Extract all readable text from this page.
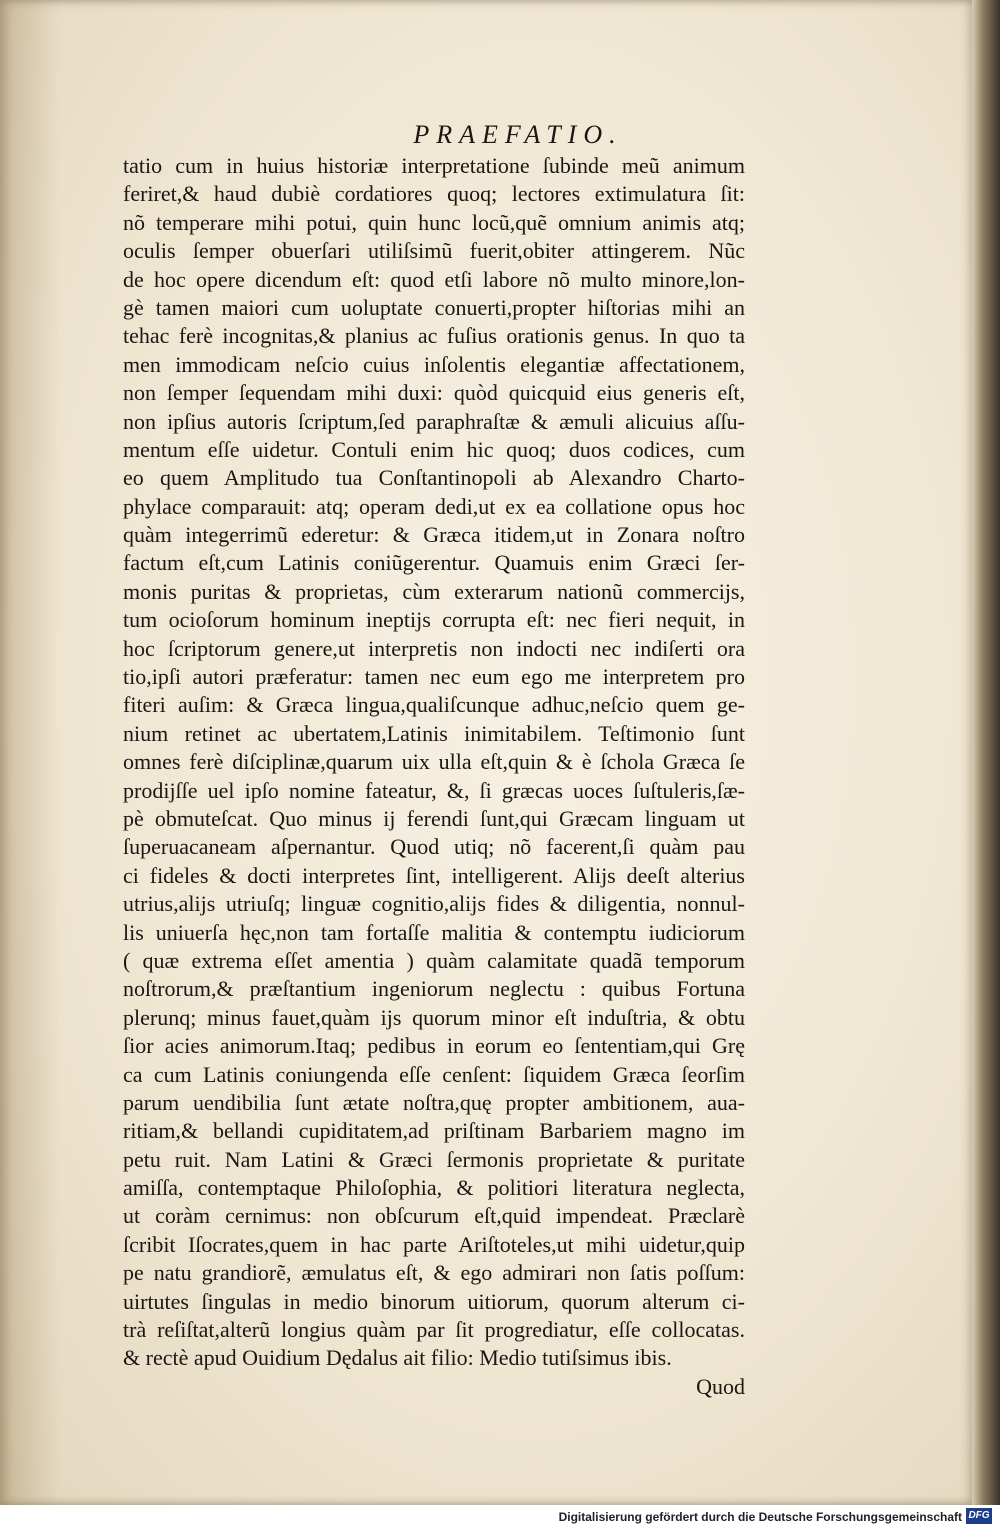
PRAEFATIO.
tatio cum in huius historiæ interpretatione ſubinde meũ animum
feriret,& haud dubiè cordatiores quoq; lectores extimulatura ſit:
nõ temperare mihi potui, quin hunc locũ,quẽ omnium animis atq;
oculis ſemper obuerſari utiliſsimũ fuerit,obiter attingerem. Nũc
de hoc opere dicendum eſt: quod etſi labore nõ multo minore,lon-
gè tamen maiori cum uoluptate conuerti,propter hiſtorias mihi an
tehac ferè incognitas,& planius ac fuſius orationis genus. In quo ta
men immodicam neſcio cuius inſolentis elegantiæ affectationem,
non ſemper ſequendam mihi duxi: quòd quicquid eius generis eſt,
non ipſius autoris ſcriptum,ſed paraphraſtæ & æmuli alicuius aſſu-
mentum eſſe uidetur. Contuli enim hic quoq; duos codices, cum
eo quem Amplitudo tua Conſtantinopoli ab Alexandro Charto-
phylace comparauit: atq; operam dedi,ut ex ea collatione opus hoc
quàm integerrimũ ederetur: & Græca itidem,ut in Zonara noſtro
factum eſt,cum Latinis coniũgerentur. Quamuis enim Græci ſer-
monis puritas & proprietas, cùm exterarum nationũ commercijs,
tum ocioſorum hominum ineptijs corrupta eſt: nec fieri nequit, in
hoc ſcriptorum genere,ut interpretis non indocti nec indiſerti ora
tio,ipſi autori præferatur: tamen nec eum ego me interpretem pro
fiteri auſim: & Græca lingua,qualiſcunque adhuc,neſcio quem ge-
nium retinet ac ubertatem,Latinis inimitabilem. Teſtimonio ſunt
omnes ferè diſciplinæ,quarum uix ulla eſt,quin & è ſchola Græca ſe
prodijſſe uel ipſo nomine fateatur, &, ſi græcas uoces ſuſtuleris,ſæ-
pè obmuteſcat. Quo minus ij ferendi ſunt,qui Græcam linguam ut
ſuperuacaneam aſpernantur. Quod utiq; nõ facerent,ſi quàm pau
ci fideles & docti interpretes ſint, intelligerent. Alijs deeſt alterius
utrius,alijs utriuſq; linguæ cognitio,alijs fides & diligentia, nonnul-
lis uniuerſa hęc,non tam fortaſſe malitia & contemptu iudiciorum
( quæ extrema eſſet amentia ) quàm calamitate quadã temporum
noſtrorum,& præſtantium ingeniorum neglectu : quibus Fortuna
plerunq; minus fauet,quàm ijs quorum minor eſt induſtria, & obtu
ſior acies animorum.Itaq; pedibus in eorum eo ſententiam,qui Grę
ca cum Latinis coniungenda eſſe cenſent: ſiquidem Græca ſeorſim
parum uendibilia ſunt ætate noſtra,quę propter ambitionem, aua-
ritiam,& bellandi cupiditatem,ad priſtinam Barbariem magno im
petu ruit. Nam Latini & Græci ſermonis proprietate & puritate
amiſſa, contemptaque Philoſophia, & politiori literatura neglecta,
ut coràm cernimus: non obſcurum eſt,quid impendeat. Præclarè
ſcribit Iſocrates,quem in hac parte Ariſtoteles,ut mihi uidetur,quip
pe natu grandiorẽ, æmulatus eſt, & ego admirari non ſatis poſſum:
uirtutes ſingulas in medio binorum uitiorum, quorum alterum ci-
trà reſiſtat,alterũ longius quàm par ſit progrediatur, eſſe collocatas.
& rectè apud Ouidium Dędalus ait filio: Medio tutiſsimus ibis.
Quod
Digitalisierung gefördert durch die Deutsche Forschungsgemeinschaft DFG
